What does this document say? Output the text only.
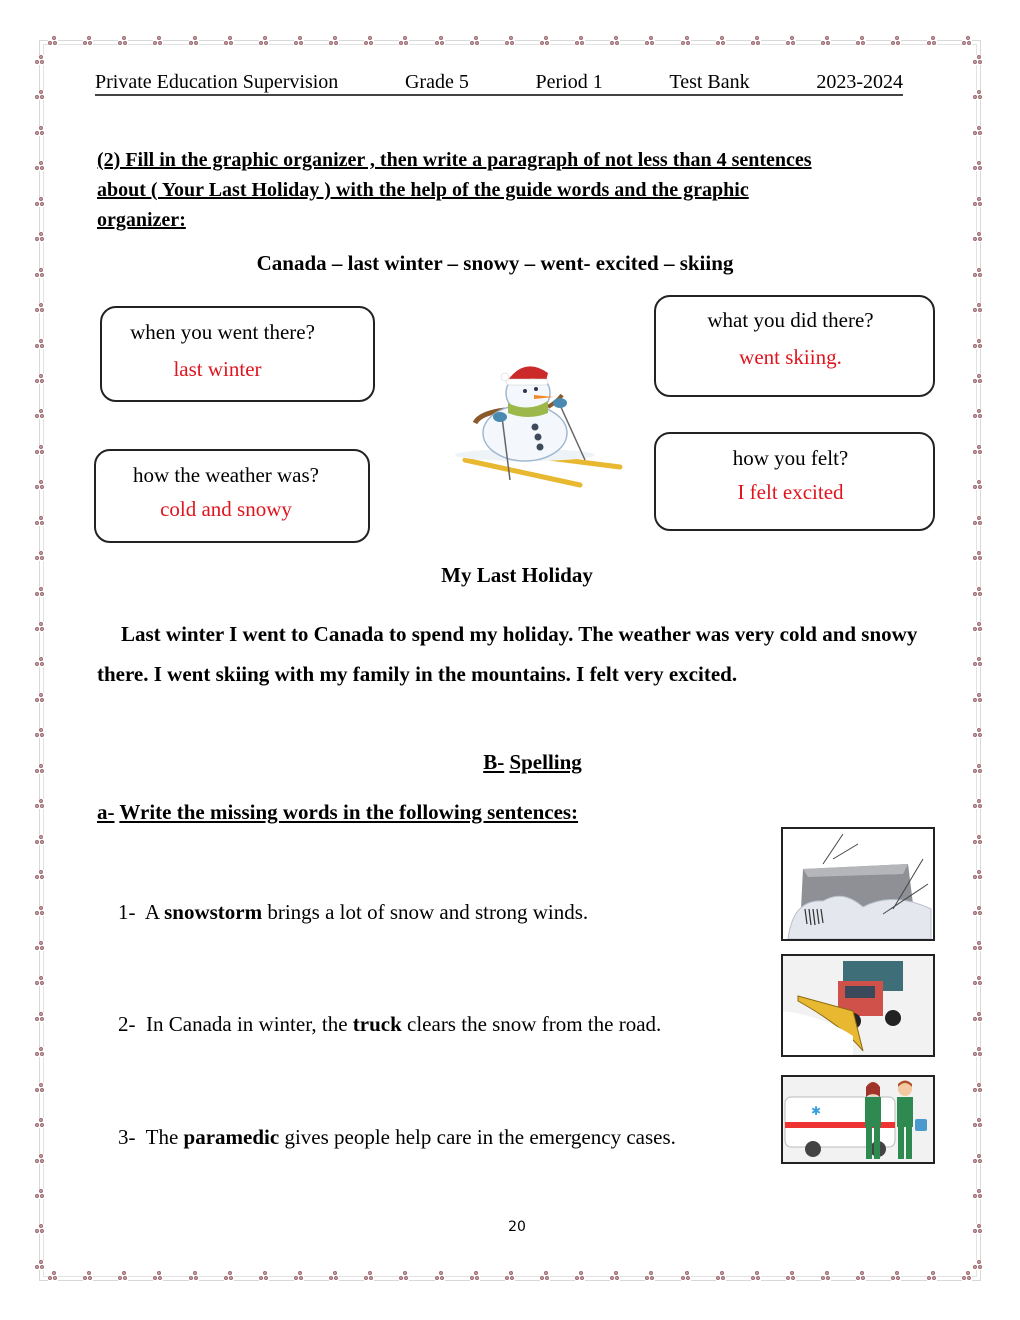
Private Education Supervision	Grade 5	Period 1	Test Bank	2023-2024
(2) Fill in the graphic organizer , then write a paragraph of not less than 4 sentences
about ( Your Last Holiday ) with the help of the guide words and the graphic
organizer:
Canada – last winter – snowy – went- excited – skiing
when you went there?
last winter
what you did there?
went skiing.
how the weather was?
cold and snowy
how you felt?
I felt excited
My Last Holiday
Last winter I went to Canada to spend my holiday. The weather was very cold and snowy there. I went skiing with my family in the mountains. I felt very excited.
B- Spelling
a- Write the missing words in the following sentences:
1- A snowstorm brings a lot of snow and strong winds.
2- In Canada in winter, the truck clears the snow from the road.
3- The paramedic gives people help care in the emergency cases.
✱
20
